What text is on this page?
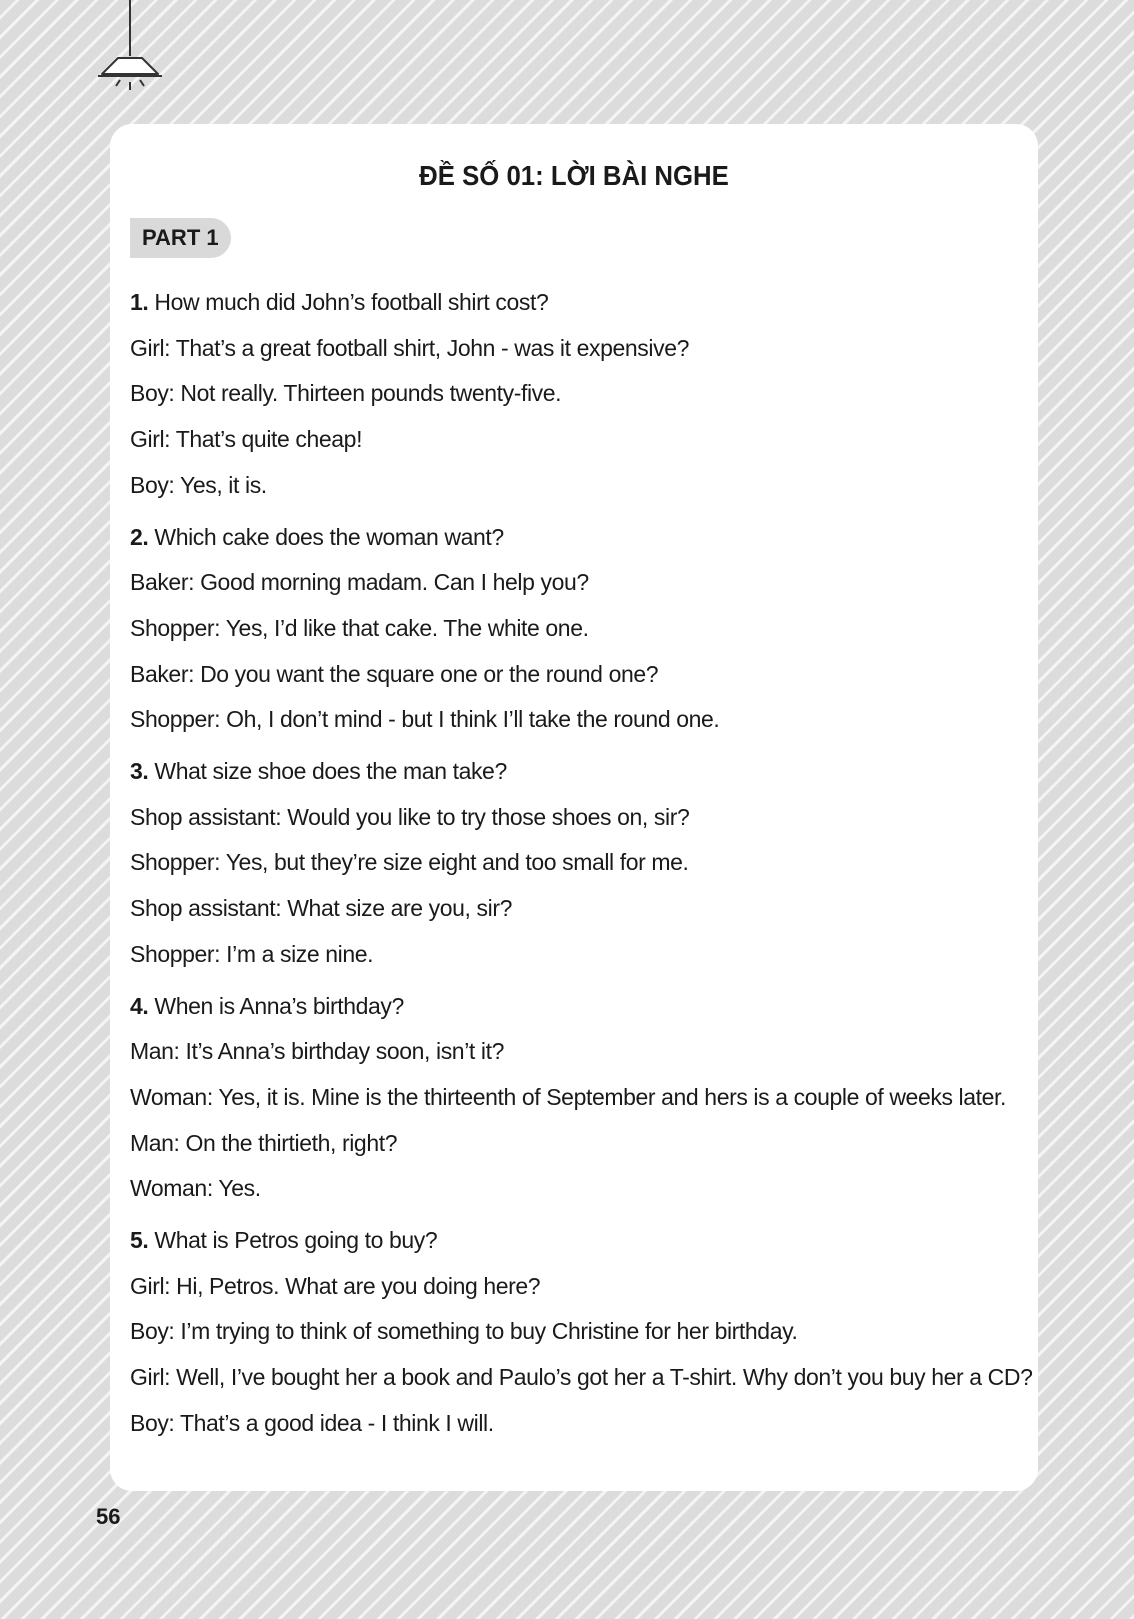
ĐỀ SỐ 01: LỜI BÀI NGHE
PART 1
1. How much did John’s football shirt cost?
Girl: That’s a great football shirt, John - was it expensive?
Boy: Not really. Thirteen pounds twenty-five.
Girl: That’s quite cheap!
Boy: Yes, it is.
2. Which cake does the woman want?
Baker: Good morning madam. Can I help you?
Shopper: Yes, I’d like that cake. The white one.
Baker: Do you want the square one or the round one?
Shopper: Oh, I don’t mind - but I think I’ll take the round one.
3. What size shoe does the man take?
Shop assistant: Would you like to try those shoes on, sir?
Shopper: Yes, but they’re size eight and too small for me.
Shop assistant: What size are you, sir?
Shopper: I’m a size nine.
4. When is Anna’s birthday?
Man: It’s Anna’s birthday soon, isn’t it?
Woman: Yes, it is. Mine is the thirteenth of September and hers is a couple of weeks later.
Man: On the thirtieth, right?
Woman: Yes.
5. What is Petros going to buy?
Girl: Hi, Petros. What are you doing here?
Boy: I’m trying to think of something to buy Christine for her birthday.
Girl: Well, I’ve bought her a book and Paulo’s got her a T-shirt. Why don’t you buy her a CD?
Boy: That’s a good idea - I think I will.
56
